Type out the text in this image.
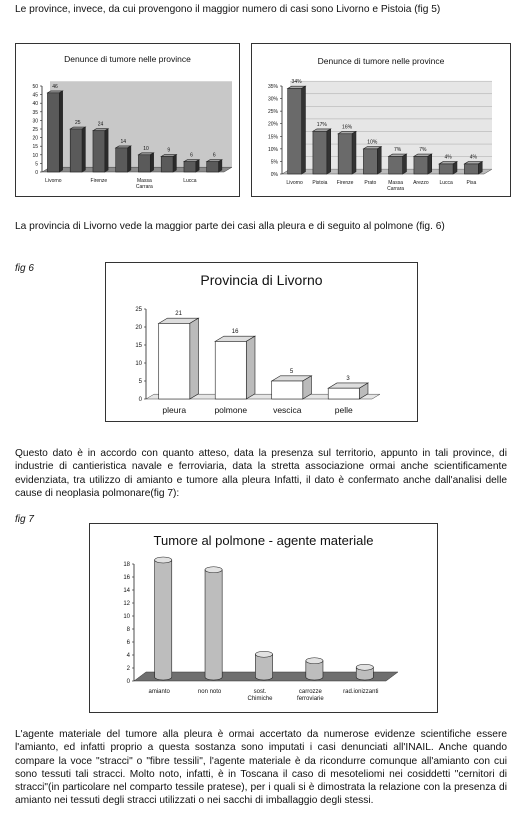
Le province, invece, da cui provengono il maggior numero di casi sono Livorno e Pistoia (fig 5)

Denunce di tumore nelle province
0
5
10
15
20
25
30
35
40
45
50	46
Livorno
25	24
Firenze
14
10
Massa
Carrara
9
6
Lucca
6
Denunce di tumore nelle province
0%
5%
10%
15%
20%
25%
30%
35%
34%
Livorno
17%
Pistoia
16%
Firenze
10%
Prato
7%
Massa
Carrara
7%
Arezzo
4%
Lucca
4%
Pisa

La provincia di Livorno vede la maggior parte dei casi alla pleura e di seguito al polmone (fig. 6)

fig 6
Provincia di Livorno
0
5
10
15
20
25
21
pleura
16
polmone
5
vescica
3
pelle

Questo dato è in accordo con quanto atteso, data la presenza sul territorio, appunto in tali province, di industrie di cantieristica navale e ferroviaria, data la stretta associazione ormai anche scientificamente evidenziata, tra utilizzo di amianto e tumore alla pleura Infatti, il dato è confermato anche dall'analisi delle cause di neoplasia polmonare(fig 7):

fig 7
Tumore al polmone - agente materiale
0
2
4
6
8
10
12
14
16
18
amianto	non noto	sost.
Chimiche
carrozze
ferroviarie
rad.ionizzanti

L'agente materiale del tumore alla pleura è ormai accertato da numerose evidenze scientifiche essere l'amianto, ed infatti proprio a questa sostanza sono imputati i casi denunciati all'INAIL. Anche quando compare la voce "stracci" o "fibre tessili", l'agente materiale è da ricondurre comunque all'amianto con cui sono tessuti tali stracci. Molto noto, infatti, è in Toscana il caso di mesoteliomi nei cosiddetti "cernitori di stracci"(in particolare nel comparto tessile pratese), per i quali si è dimostrata la relazione con la presenza di amianto nei tessuti degli stracci utilizzati o nei sacchi di imballaggio degli stessi.
